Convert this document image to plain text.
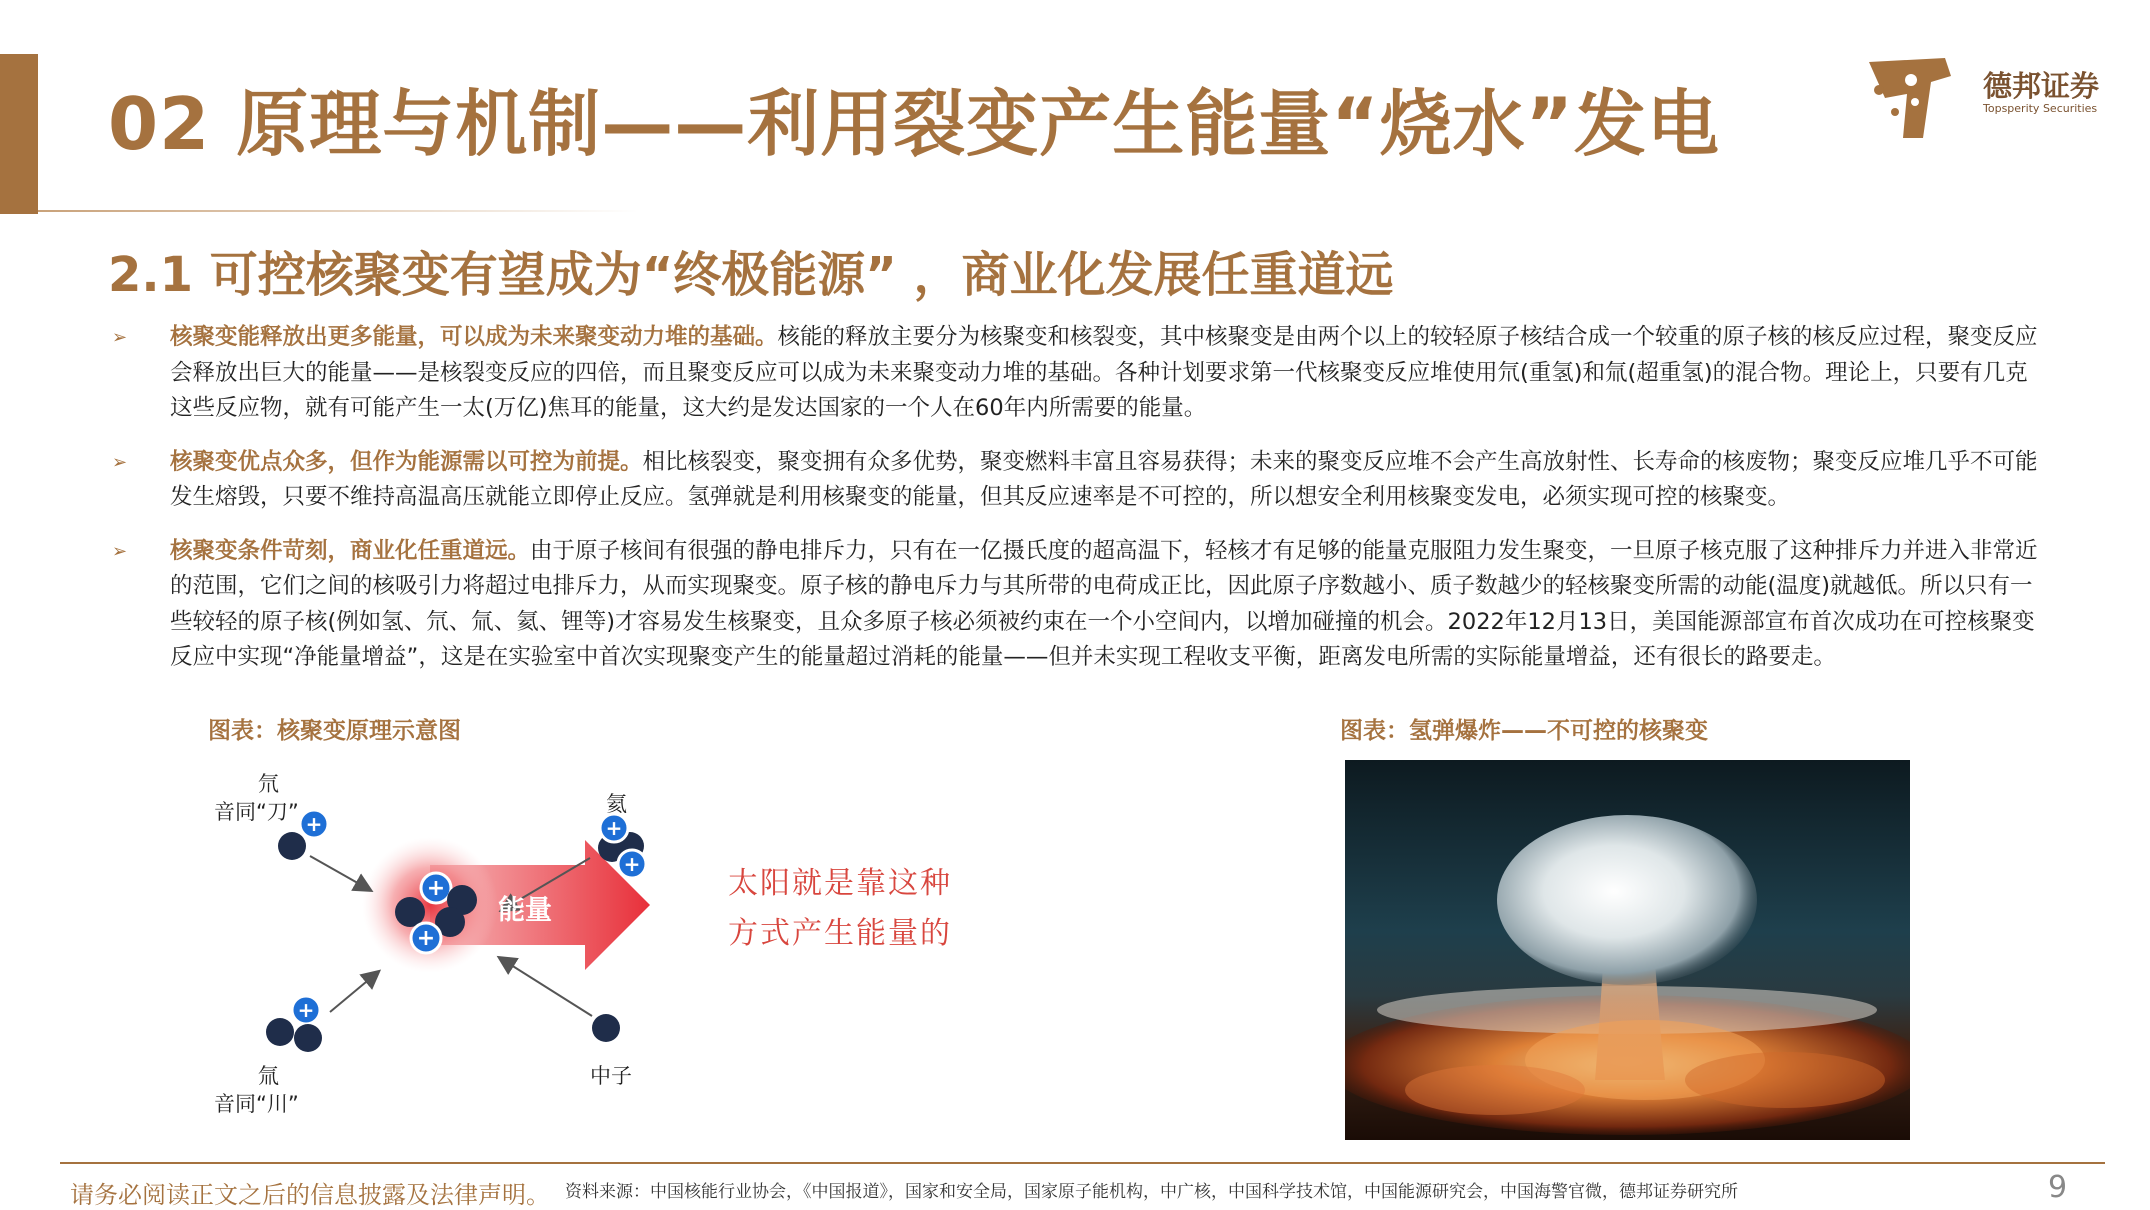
02 原理与机制——利用裂变产生能量“烧水”发电	德邦证券
Topsperity Securities
2.1 可控核聚变有望成为“终极能源” ，商业化发展任重道远
➢ 核聚变能释放出更多能量，可以成为未来聚变动力堆的基础。核能的释放主要分为核聚变和核裂变，其中核聚变是由两个以上的较轻原子核结合成一个较重的原子核的核反应过程，聚变反应会释放出巨大的能量——是核裂变反应的四倍，而且聚变反应可以成为未来聚变动力堆的基础。各种计划要求第一代核聚变反应堆使用氘(重氢)和氚(超重氢)的混合物。理论上，只要有几克这些反应物，就有可能产生一太(万亿)焦耳的能量，这大约是发达国家的一个人在60年内所需要的能量。
➢ 核聚变优点众多，但作为能源需以可控为前提。相比核裂变，聚变拥有众多优势，聚变燃料丰富且容易获得；未来的聚变反应堆不会产生高放射性、长寿命的核废物；聚变反应堆几乎不可能发生熔毁，只要不维持高温高压就能立即停止反应。氢弹就是利用核聚变的能量，但其反应速率是不可控的，所以想安全利用核聚变发电，必须实现可控的核聚变。
➢ 核聚变条件苛刻，商业化任重道远。由于原子核间有很强的静电排斥力，只有在一亿摄氏度的超高温下，轻核才有足够的能量克服阻力发生聚变，一旦原子核克服了这种排斥力并进入非常近的范围，它们之间的核吸引力将超过电排斥力，从而实现聚变。原子核的静电斥力与其所带的电荷成正比，因此原子序数越小、质子数越少的轻核聚变所需的动能(温度)就越低。所以只有一些较轻的原子核(例如氢、氘、氚、氦、锂等)才容易发生核聚变，且众多原子核必须被约束在一个小空间内，以增加碰撞的机会。2022年12月13日，美国能源部宣布首次成功在可控核聚变反应中实现“净能量增益”，这是在实验室中首次实现聚变产生的能量超过消耗的能量——但并未实现工程收支平衡，距离发电所需的实际能量增益，还有很长的路要走。
图表：核聚变原理示意图	图表：氢弹爆炸——不可控的核聚变
+
+
+
+
+
+
氘
音同“刀”
氚
音同“川”
氦
中子
能量
太阳就是靠这种
方式产生能量的
请务必阅读正文之后的信息披露及法律声明。 资料来源：中国核能行业协会，《中国报道》，国家和安全局，国家原子能机构，中广核，中国科学技术馆，中国能源研究会，中国海警官微，德邦证券研究所	9
